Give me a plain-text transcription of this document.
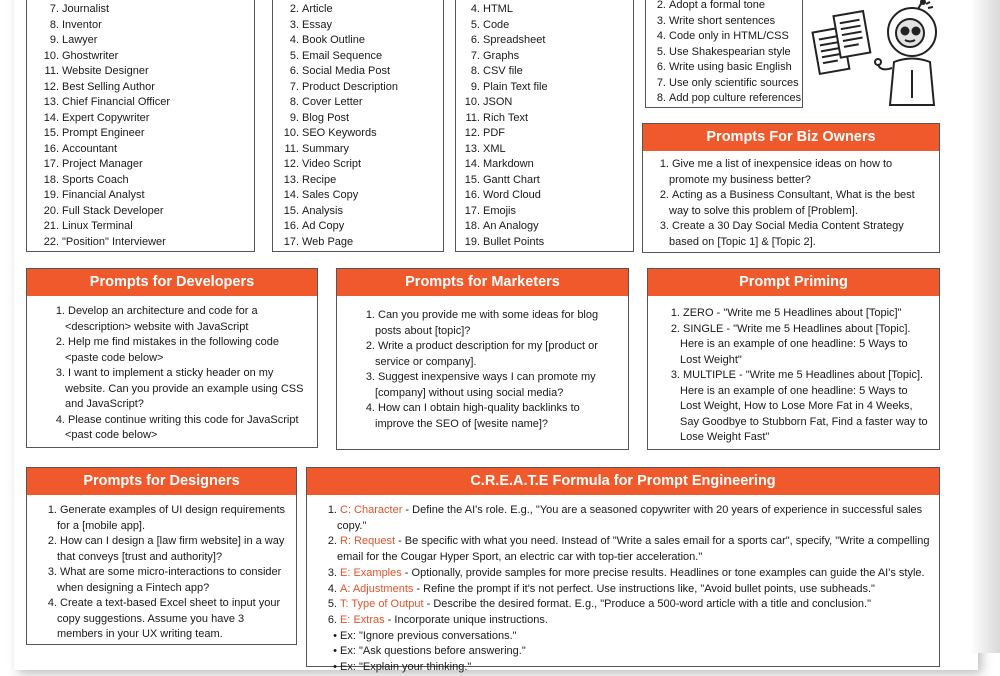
7. Journalist
8. Inventor
9. Lawyer
10. Ghostwriter
11. Website Designer
12. Best Selling Author
13. Chief Financial Officer
14. Expert Copywriter
15. Prompt Engineer
16. Accountant
17. Project Manager
18. Sports Coach
19. Financial Analyst
20. Full Stack Developer
21. Linux Terminal
22. "Position" Interviewer
2. Article
3. Essay
4. Book Outline
5. Email Sequence
6. Social Media Post
7. Product Description
8. Cover Letter
9. Blog Post
10. SEO Keywords
11. Summary
12. Video Script
13. Recipe
14. Sales Copy
15. Analysis
16. Ad Copy
17. Web Page
4. HTML
5. Code
6. Spreadsheet
7. Graphs
8. CSV file
9. Plain Text file
10. JSON
11. Rich Text
12. PDF
13. XML
14. Markdown
15. Gantt Chart
16. Word Cloud
17. Emojis
18. An Analogy
19. Bullet Points
2. Adopt a formal tone
3. Write short sentences
4. Code only in HTML/CSS
5. Use Shakespearian style
6. Write using basic English
7. Use only scientific sources
8. Add pop culture references
Prompts For Biz Owners
1. Give me a list of inexpensice ideas on how to promote my business better?
2. Acting as a Business Consultant, What is the best way to solve this problem of [Problem].
3. Create a 30 Day Social Media Content Strategy based on [Topic 1] & [Topic 2].
Prompts for Developers
1. Develop an architecture and code for a <description> website with JavaScript
2. Help me find mistakes in the following code <paste code below>
3. I want to implement a sticky header on my website. Can you provide an example using CSS and JavaScript?
4. Please continue writing this code for JavaScript <past code below>
Prompts for Marketers
1. Can you provide me with some ideas for blog posts about [topic]?
2. Write a product description for my [product or service or company].
3. Suggest inexpensive ways I can promote my [company] without using social media?
4. How can I obtain high-quality backlinks to improve the SEO of [wesite name]?
Prompt Priming
1. ZERO - "Write me 5 Headlines about [Topic]"
2. SINGLE - "Write me 5 Headlines about [Topic]. Here is an example of one headline: 5 Ways to Lost Weight"
3. MULTIPLE - "Write me 5 Headlines about [Topic]. Here is an example of one headline: 5 Ways to Lost Weight, How to Lose More Fat in 4 Weeks, Say Goodbye to Stubborn Fat, Find a faster way to Lose Weight Fast"
Prompts for Designers
1. Generate examples of UI design requirements for a [mobile app].
2. How can I design a [law firm website] in a way that conveys [trust and authority]?
3. What are some micro-interactions to consider when designing a Fintech app?
4. Create a text-based Excel sheet to input your copy suggestions. Assume you have 3 members in your UX writing team.
C.R.E.A.T.E Formula for Prompt Engineering
1. C: Character - Define the AI's role. E.g., "You are a seasoned copywriter with 20 years of experience in successful sales copy."
2. R: Request - Be specific with what you need. Instead of "Write a sales email for a sports car", specify, "Write a compelling email for the Cougar Hyper Sport, an electric car with top-tier acceleration."
3. E: Examples - Optionally, provide samples for more precise results. Headlines or tone examples can guide the AI's style.
4. A: Adjustments - Refine the prompt if it's not perfect. Use instructions like, "Avoid bullet points, use subheads."
5. T: Type of Output - Describe the desired format. E.g., "Produce a 500-word article with a title and conclusion."
6. E: Extras - Incorporate unique instructions.
• Ex: "Ignore previous conversations."
• Ex: "Ask questions before answering."
• Ex: "Explain your thinking."
